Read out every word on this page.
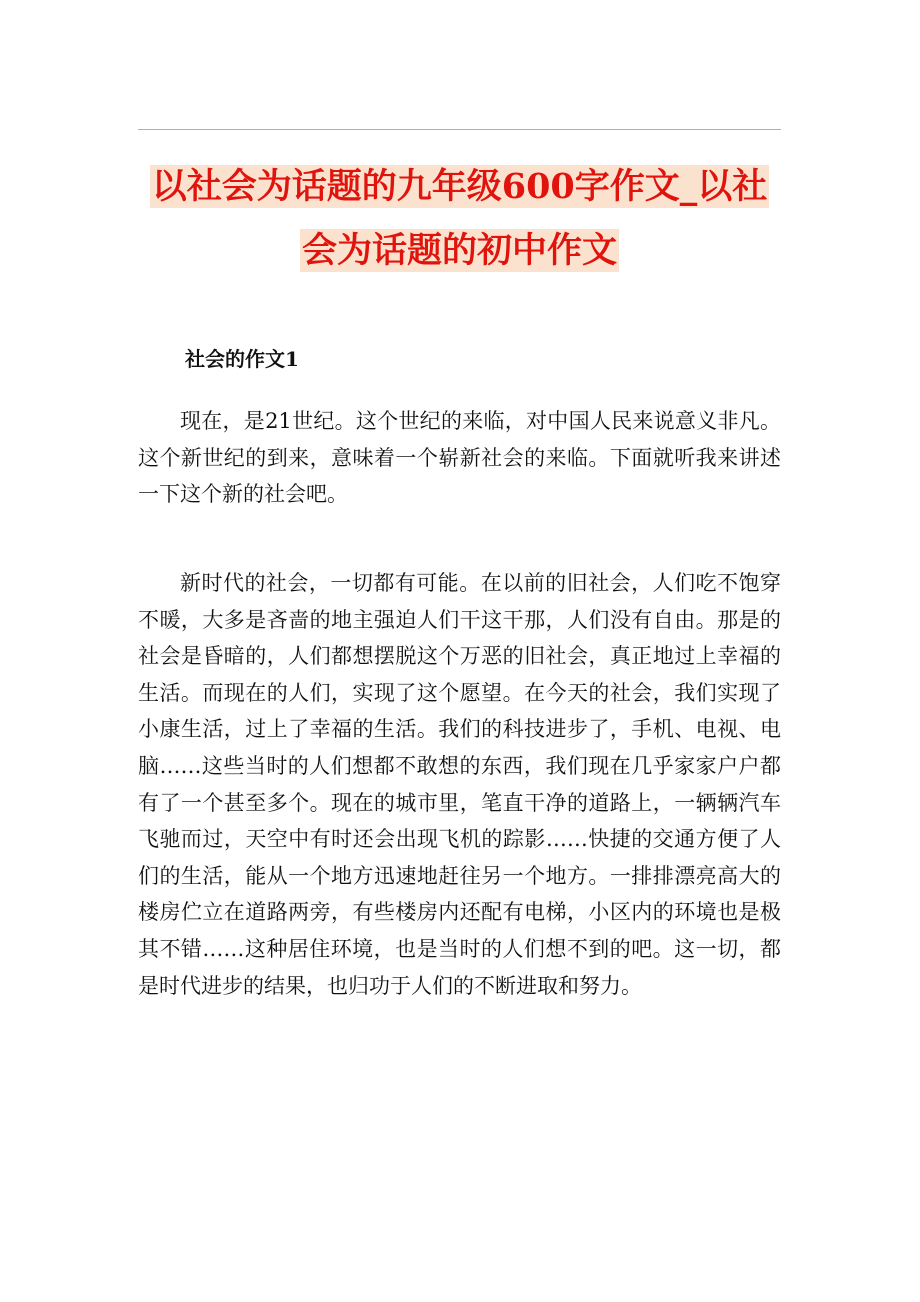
以社会为话题的九年级600字作文_以社会为话题的初中作文
社会的作文1

现在，是21世纪。这个世纪的来临，对中国人民来说意义非凡。这个新世纪的到来，意味着一个崭新社会的来临。下面就听我来讲述一下这个新的社会吧。

新时代的社会，一切都有可能。在以前的旧社会，人们吃不饱穿不暖，大多是吝啬的地主强迫人们干这干那，人们没有自由。那是的社会是昏暗的，人们都想摆脱这个万恶的旧社会，真正地过上幸福的生活。而现在的人们，实现了这个愿望。在今天的社会，我们实现了小康生活，过上了幸福的生活。我们的科技进步了，手机、电视、电脑……这些当时的人们想都不敢想的东西，我们现在几乎家家户户都有了一个甚至多个。现在的城市里，笔直干净的道路上，一辆辆汽车飞驰而过，天空中有时还会出现飞机的踪影……快捷的交通方便了人们的生活，能从一个地方迅速地赶往另一个地方。一排排漂亮高大的楼房伫立在道路两旁，有些楼房内还配有电梯，小区内的环境也是极其不错……这种居住环境，也是当时的人们想不到的吧。这一切，都是时代进步的结果，也归功于人们的不断进取和努力。
